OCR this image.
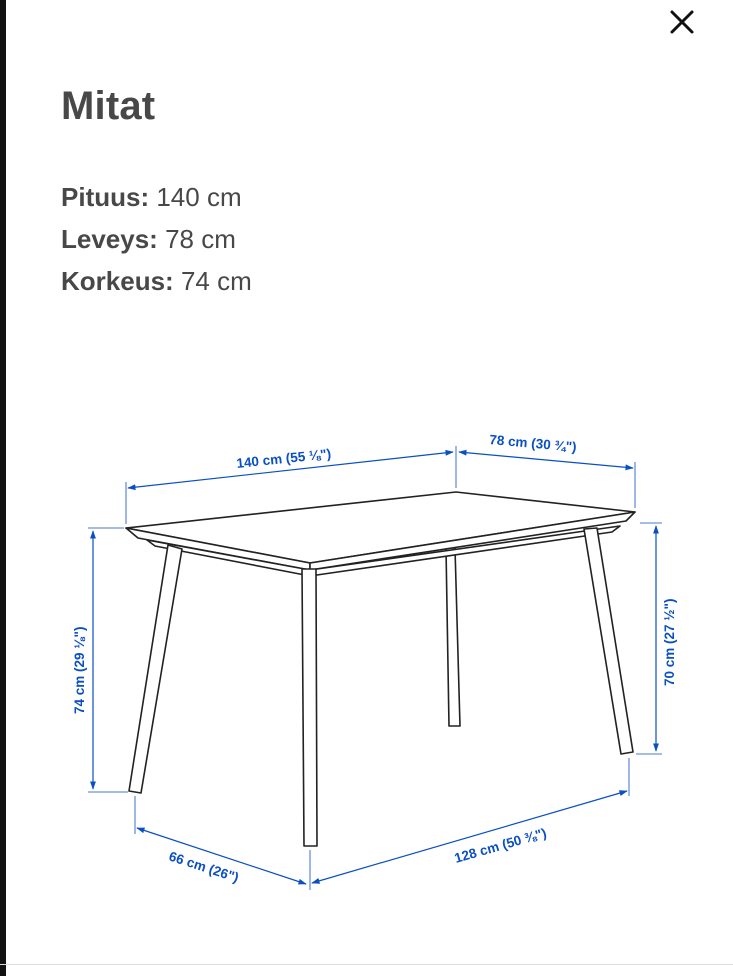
Mitat
Pituus: 140 cm
Leveys: 78 cm
Korkeus: 74 cm
140 cm (55 ⅛")
78 cm (30 ¾")
74 cm (29 ⅛")	70 cm (27 ½")
66 cm (26")
128 cm (50 ⅜")
